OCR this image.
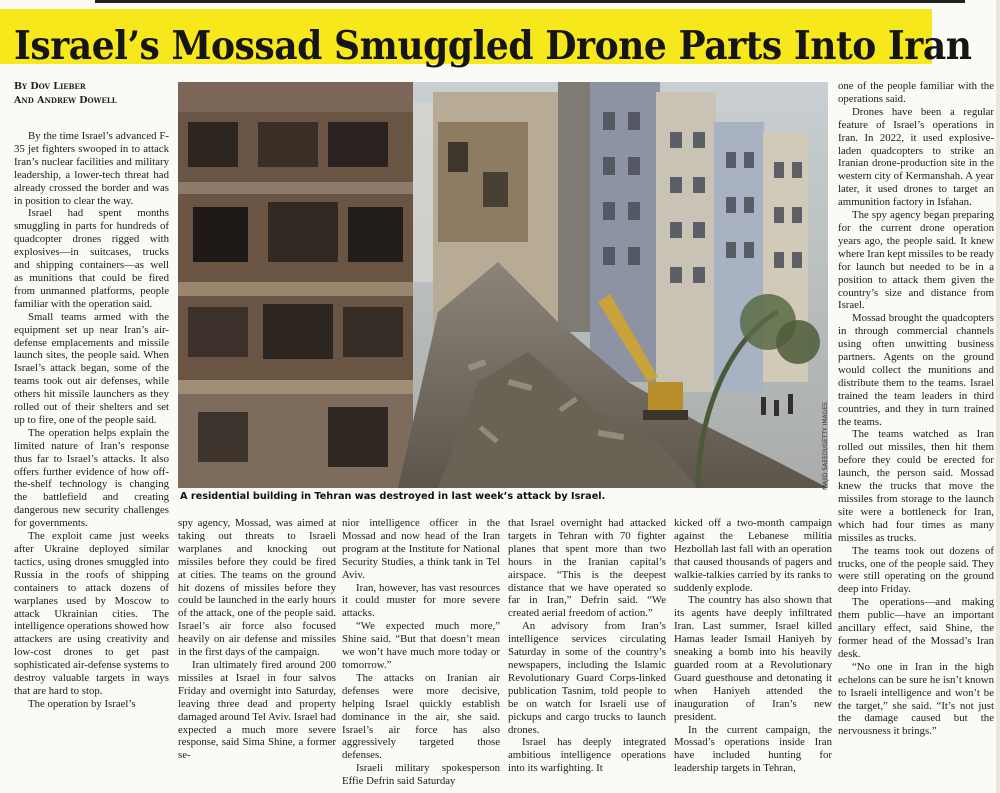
Israel’s Mossad Smuggled Drone Parts Into Iran
By Dov Lieber
And Andrew Dowell

By the time Israel’s advanced F-35 jet fighters swooped in to attack Iran’s nuclear facilities and military leadership, a lower-tech threat had already crossed the border and was in position to clear the way.

Israel had spent months smuggling in parts for hundreds of quadcopter drones rigged with explosives—in suitcases, trucks and shipping containers—as well as munitions that could be fired from unmanned platforms, people familiar with the operation said.

Small teams armed with the equipment set up near Iran’s air-defense emplacements and missile launch sites, the people said. When Israel’s attack began, some of the teams took out air defenses, while others hit missile launchers as they rolled out of their shelters and set up to fire, one of the people said.

The operation helps explain the limited nature of Iran’s response thus far to Israel’s attacks. It also offers further evidence of how off-the-shelf technology is changing the battlefield and creating dangerous new security challenges for governments.

The exploit came just weeks after Ukraine deployed similar tactics, using drones smuggled into Russia in the roofs of shipping containers to attack dozens of warplanes used by Moscow to attack Ukrainian cities. The intelligence operations showed how attackers are using creativity and low-cost drones to get past sophisticated air-defense systems to destroy valuable targets in ways that are hard to stop.

The operation by Israel’s

MAJID SAEEDI/GETTY IMAGES
A residential building in Tehran was destroyed in last week’s attack by Israel.

spy agency, Mossad, was aimed at taking out threats to Israeli warplanes and knocking out missiles before they could be fired at cities. The teams on the ground hit dozens of missiles before they could be launched in the early hours of the attack, one of the people said. Israel’s air force also focused heavily on air defense and missiles in the first days of the campaign.

Iran ultimately fired around 200 missiles at Israel in four salvos Friday and overnight into Saturday, leaving three dead and property damaged around Tel Aviv. Israel had expected a much more severe response, said Sima Shine, a former se-

nior intelligence officer in the Mossad and now head of the Iran program at the Institute for National Security Studies, a think tank in Tel Aviv.

Iran, however, has vast resources it could muster for more severe attacks.

“We expected much more,” Shine said. “But that doesn’t mean we won’t have much more today or tomorrow.”

The attacks on Iranian air defenses were more decisive, helping Israel quickly establish dominance in the air, she said. Israel’s air force has also aggressively targeted those defenses.

Israeli military spokesperson Effie Defrin said Saturday

that Israel overnight had attacked targets in Tehran with 70 fighter planes that spent more than two hours in the Iranian capital’s airspace. “This is the deepest distance that we have operated so far in Iran,” Defrin said. “We created aerial freedom of action.”

An advisory from Iran’s intelligence services circulating Saturday in some of the country’s newspapers, including the Islamic Revolutionary Guard Corps-linked publication Tasnim, told people to be on watch for Israeli use of pickups and cargo trucks to launch drones.

Israel has deeply integrated ambitious intelligence operations into its warfighting. It

kicked off a two-month campaign against the Lebanese militia Hezbollah last fall with an operation that caused thousands of pagers and walkie-talkies carried by its ranks to suddenly explode.

The country has also shown that its agents have deeply infiltrated Iran. Last summer, Israel killed Hamas leader Ismail Haniyeh by sneaking a bomb into his heavily guarded room at a Revolutionary Guard guesthouse and detonating it when Haniyeh attended the inauguration of Iran’s new president.

In the current campaign, the Mossad’s operations inside Iran have included hunting for leadership targets in Tehran,

one of the people familiar with the operations said.

Drones have been a regular feature of Israel’s operations in Iran. In 2022, it used explosive-laden quadcopters to strike an Iranian drone-production site in the western city of Kermanshah. A year later, it used drones to target an ammunition factory in Isfahan.

The spy agency began preparing for the current drone operation years ago, the people said. It knew where Iran kept missiles to be ready for launch but needed to be in a position to attack them given the country’s size and distance from Israel.

Mossad brought the quadcopters in through commercial channels using often unwitting business partners. Agents on the ground would collect the munitions and distribute them to the teams. Israel trained the team leaders in third countries, and they in turn trained the teams.

The teams watched as Iran rolled out missiles, then hit them before they could be erected for launch, the person said. Mossad knew the trucks that move the missiles from storage to the launch site were a bottleneck for Iran, which had four times as many missiles as trucks.

The teams took out dozens of trucks, one of the people said. They were still operating on the ground deep into Friday.

The operations—and making them public—have an important ancillary effect, said Shine, the former head of the Mossad’s Iran desk.

“No one in Iran in the high echelons can be sure he isn’t known to Israeli intelligence and won’t be the target,” she said. “It’s not just the damage caused but the nervousness it brings.”
